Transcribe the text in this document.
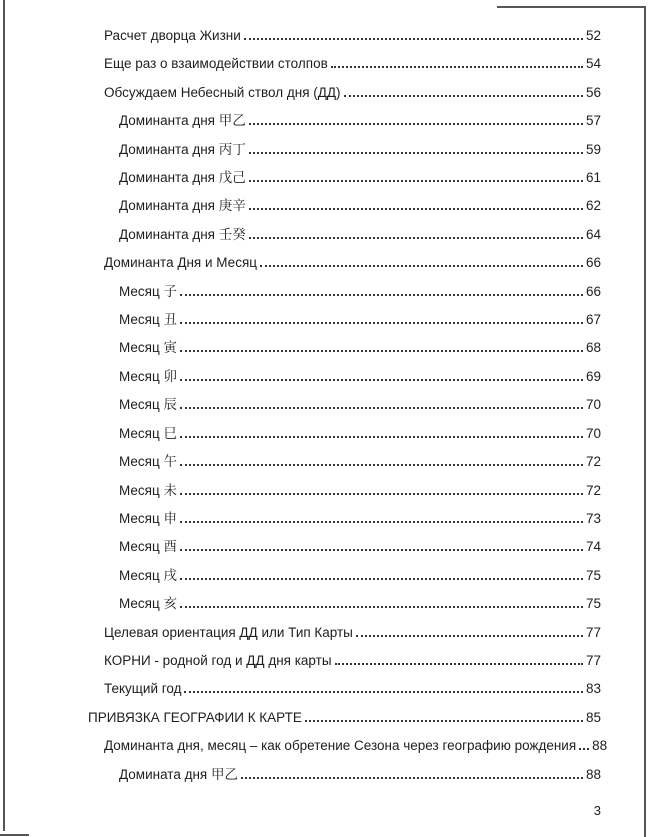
Расчет дворца Жизни	52
Еще раз о взаимодействии столпов	54
Обсуждаем Небесный ствол дня (ДД)	56
Доминанта дня 甲乙	57
Доминанта дня 丙丁	59
Доминанта дня 戊己	61
Доминанта дня 庚辛	62
Доминанта дня 壬癸	64
Доминанта Дня и Месяц	66
Месяц 子	66
Месяц 丑	67
Месяц 寅	68
Месяц 卯	69
Месяц 辰	70
Месяц 巳	70
Месяц 午	72
Месяц 未	72
Месяц 申	73
Месяц 酉	74
Месяц 戌	75
Месяц 亥	75
Целевая ориентация ДД или Тип Карты	77
КОРНИ - родной год и ДД дня карты	77
Текущий год	83
ПРИВЯЗКА ГЕОГРАФИИ К КАРТЕ	85
Доминанта дня, месяц – как обретение Сезона через географию рождения 88
Домината дня 甲乙	88
3
